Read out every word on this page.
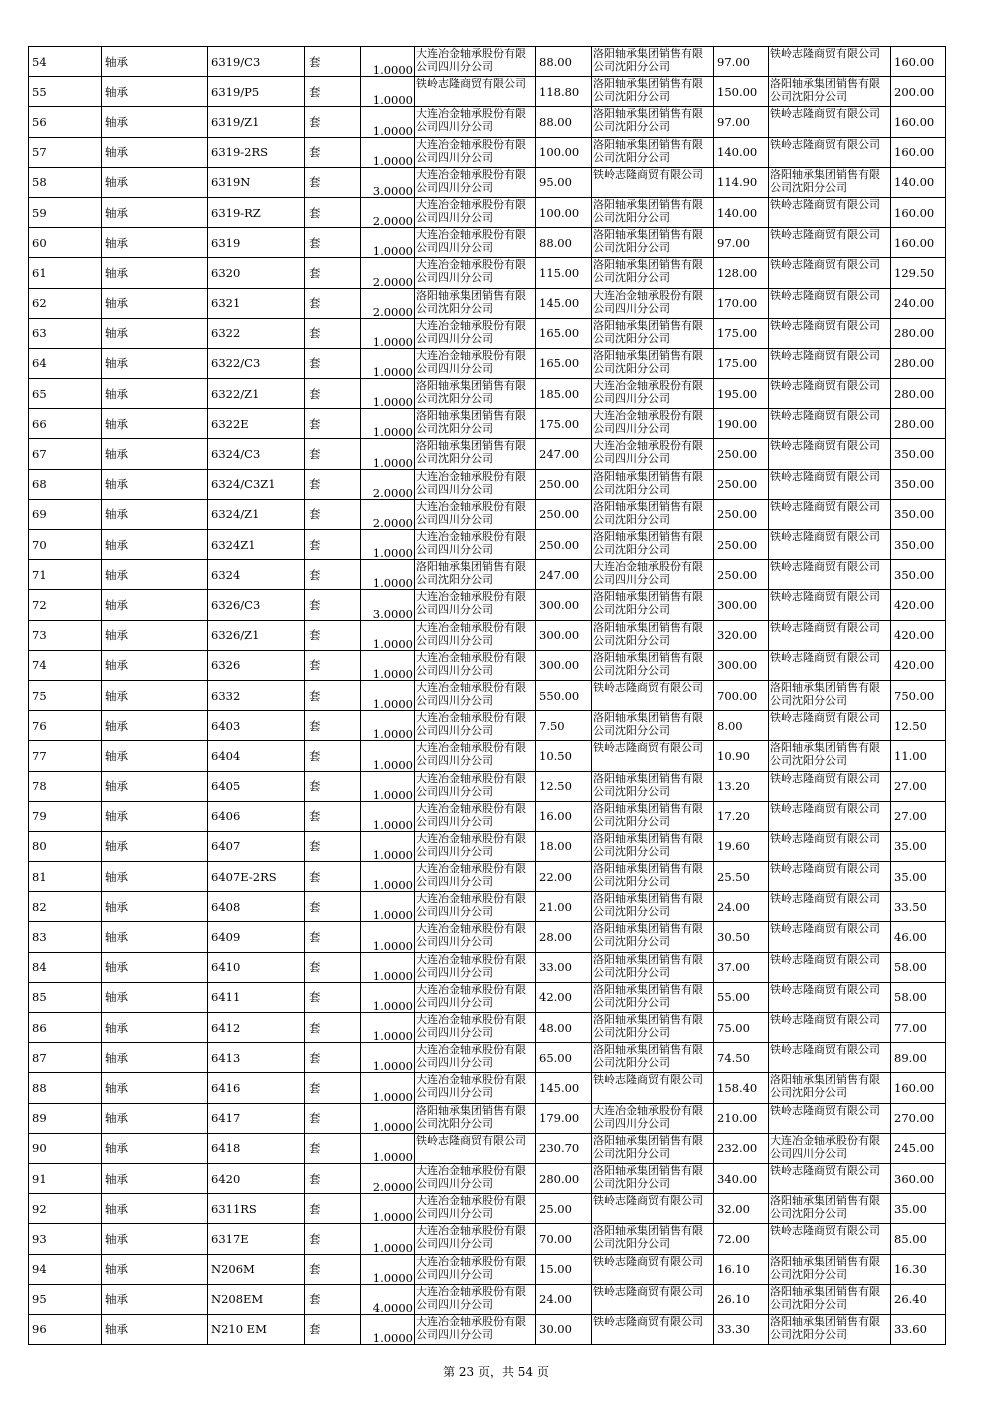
54	轴承	6319/C3	套	1.0000	大连冶金轴承股份有限公司四川分公司	88.00	洛阳轴承集团销售有限公司沈阳分公司	97.00	铁岭志隆商贸有限公司	160.00
55	轴承	6319/P5	套	1.0000	铁岭志隆商贸有限公司	118.80	洛阳轴承集团销售有限公司沈阳分公司	150.00	洛阳轴承集团销售有限公司沈阳分公司	200.00
56	轴承	6319/Z1	套	1.0000	大连冶金轴承股份有限公司四川分公司	88.00	洛阳轴承集团销售有限公司沈阳分公司	97.00	铁岭志隆商贸有限公司	160.00
57	轴承	6319-2RS	套	1.0000	大连冶金轴承股份有限公司四川分公司	100.00	洛阳轴承集团销售有限公司沈阳分公司	140.00	铁岭志隆商贸有限公司	160.00
58	轴承	6319N	套	3.0000	大连冶金轴承股份有限公司四川分公司	95.00	铁岭志隆商贸有限公司	114.90	洛阳轴承集团销售有限公司沈阳分公司	140.00
59	轴承	6319-RZ	套	2.0000	大连冶金轴承股份有限公司四川分公司	100.00	洛阳轴承集团销售有限公司沈阳分公司	140.00	铁岭志隆商贸有限公司	160.00
60	轴承	6319	套	1.0000	大连冶金轴承股份有限公司四川分公司	88.00	洛阳轴承集团销售有限公司沈阳分公司	97.00	铁岭志隆商贸有限公司	160.00
61	轴承	6320	套	2.0000	大连冶金轴承股份有限公司四川分公司	115.00	洛阳轴承集团销售有限公司沈阳分公司	128.00	铁岭志隆商贸有限公司	129.50
62	轴承	6321	套	2.0000	洛阳轴承集团销售有限公司沈阳分公司	145.00	大连冶金轴承股份有限公司四川分公司	170.00	铁岭志隆商贸有限公司	240.00
63	轴承	6322	套	1.0000	大连冶金轴承股份有限公司四川分公司	165.00	洛阳轴承集团销售有限公司沈阳分公司	175.00	铁岭志隆商贸有限公司	280.00
64	轴承	6322/C3	套	1.0000	大连冶金轴承股份有限公司四川分公司	165.00	洛阳轴承集团销售有限公司沈阳分公司	175.00	铁岭志隆商贸有限公司	280.00
65	轴承	6322/Z1	套	1.0000	洛阳轴承集团销售有限公司沈阳分公司	185.00	大连冶金轴承股份有限公司四川分公司	195.00	铁岭志隆商贸有限公司	280.00
66	轴承	6322E	套	1.0000	洛阳轴承集团销售有限公司沈阳分公司	175.00	大连冶金轴承股份有限公司四川分公司	190.00	铁岭志隆商贸有限公司	280.00
67	轴承	6324/C3	套	1.0000	洛阳轴承集团销售有限公司沈阳分公司	247.00	大连冶金轴承股份有限公司四川分公司	250.00	铁岭志隆商贸有限公司	350.00
68	轴承	6324/C3Z1	套	2.0000	大连冶金轴承股份有限公司四川分公司	250.00	洛阳轴承集团销售有限公司沈阳分公司	250.00	铁岭志隆商贸有限公司	350.00
69	轴承	6324/Z1	套	2.0000	大连冶金轴承股份有限公司四川分公司	250.00	洛阳轴承集团销售有限公司沈阳分公司	250.00	铁岭志隆商贸有限公司	350.00
70	轴承	6324Z1	套	1.0000	大连冶金轴承股份有限公司四川分公司	250.00	洛阳轴承集团销售有限公司沈阳分公司	250.00	铁岭志隆商贸有限公司	350.00
71	轴承	6324	套	1.0000	洛阳轴承集团销售有限公司沈阳分公司	247.00	大连冶金轴承股份有限公司四川分公司	250.00	铁岭志隆商贸有限公司	350.00
72	轴承	6326/C3	套	3.0000	大连冶金轴承股份有限公司四川分公司	300.00	洛阳轴承集团销售有限公司沈阳分公司	300.00	铁岭志隆商贸有限公司	420.00
73	轴承	6326/Z1	套	1.0000	大连冶金轴承股份有限公司四川分公司	300.00	洛阳轴承集团销售有限公司沈阳分公司	320.00	铁岭志隆商贸有限公司	420.00
74	轴承	6326	套	1.0000	大连冶金轴承股份有限公司四川分公司	300.00	洛阳轴承集团销售有限公司沈阳分公司	300.00	铁岭志隆商贸有限公司	420.00
75	轴承	6332	套	1.0000	大连冶金轴承股份有限公司四川分公司	550.00	铁岭志隆商贸有限公司	700.00	洛阳轴承集团销售有限公司沈阳分公司	750.00
76	轴承	6403	套	1.0000	大连冶金轴承股份有限公司四川分公司	7.50	洛阳轴承集团销售有限公司沈阳分公司	8.00	铁岭志隆商贸有限公司	12.50
77	轴承	6404	套	1.0000	大连冶金轴承股份有限公司四川分公司	10.50	铁岭志隆商贸有限公司	10.90	洛阳轴承集团销售有限公司沈阳分公司	11.00
78	轴承	6405	套	1.0000	大连冶金轴承股份有限公司四川分公司	12.50	洛阳轴承集团销售有限公司沈阳分公司	13.20	铁岭志隆商贸有限公司	27.00
79	轴承	6406	套	1.0000	大连冶金轴承股份有限公司四川分公司	16.00	洛阳轴承集团销售有限公司沈阳分公司	17.20	铁岭志隆商贸有限公司	27.00
80	轴承	6407	套	1.0000	大连冶金轴承股份有限公司四川分公司	18.00	洛阳轴承集团销售有限公司沈阳分公司	19.60	铁岭志隆商贸有限公司	35.00
81	轴承	6407E-2RS	套	1.0000	大连冶金轴承股份有限公司四川分公司	22.00	洛阳轴承集团销售有限公司沈阳分公司	25.50	铁岭志隆商贸有限公司	35.00
82	轴承	6408	套	1.0000	大连冶金轴承股份有限公司四川分公司	21.00	洛阳轴承集团销售有限公司沈阳分公司	24.00	铁岭志隆商贸有限公司	33.50
83	轴承	6409	套	1.0000	大连冶金轴承股份有限公司四川分公司	28.00	洛阳轴承集团销售有限公司沈阳分公司	30.50	铁岭志隆商贸有限公司	46.00
84	轴承	6410	套	1.0000	大连冶金轴承股份有限公司四川分公司	33.00	洛阳轴承集团销售有限公司沈阳分公司	37.00	铁岭志隆商贸有限公司	58.00
85	轴承	6411	套	1.0000	大连冶金轴承股份有限公司四川分公司	42.00	洛阳轴承集团销售有限公司沈阳分公司	55.00	铁岭志隆商贸有限公司	58.00
86	轴承	6412	套	1.0000	大连冶金轴承股份有限公司四川分公司	48.00	洛阳轴承集团销售有限公司沈阳分公司	75.00	铁岭志隆商贸有限公司	77.00
87	轴承	6413	套	1.0000	大连冶金轴承股份有限公司四川分公司	65.00	洛阳轴承集团销售有限公司沈阳分公司	74.50	铁岭志隆商贸有限公司	89.00
88	轴承	6416	套	1.0000	大连冶金轴承股份有限公司四川分公司	145.00	铁岭志隆商贸有限公司	158.40	洛阳轴承集团销售有限公司沈阳分公司	160.00
89	轴承	6417	套	1.0000	洛阳轴承集团销售有限公司沈阳分公司	179.00	大连冶金轴承股份有限公司四川分公司	210.00	铁岭志隆商贸有限公司	270.00
90	轴承	6418	套	1.0000	铁岭志隆商贸有限公司	230.70	洛阳轴承集团销售有限公司沈阳分公司	232.00	大连冶金轴承股份有限公司四川分公司	245.00
91	轴承	6420	套	2.0000	大连冶金轴承股份有限公司四川分公司	280.00	洛阳轴承集团销售有限公司沈阳分公司	340.00	铁岭志隆商贸有限公司	360.00
92	轴承	6311RS	套	1.0000	大连冶金轴承股份有限公司四川分公司	25.00	铁岭志隆商贸有限公司	32.00	洛阳轴承集团销售有限公司沈阳分公司	35.00
93	轴承	6317E	套	1.0000	大连冶金轴承股份有限公司四川分公司	70.00	洛阳轴承集团销售有限公司沈阳分公司	72.00	铁岭志隆商贸有限公司	85.00
94	轴承	N206M	套	1.0000	大连冶金轴承股份有限公司四川分公司	15.00	铁岭志隆商贸有限公司	16.10	洛阳轴承集团销售有限公司沈阳分公司	16.30
95	轴承	N208EM	套	4.0000	大连冶金轴承股份有限公司四川分公司	24.00	铁岭志隆商贸有限公司	26.10	洛阳轴承集团销售有限公司沈阳分公司	26.40
96	轴承	N210 EM	套	1.0000	大连冶金轴承股份有限公司四川分公司	30.00	铁岭志隆商贸有限公司	33.30	洛阳轴承集团销售有限公司沈阳分公司	33.60
第 23 页，共 54 页
